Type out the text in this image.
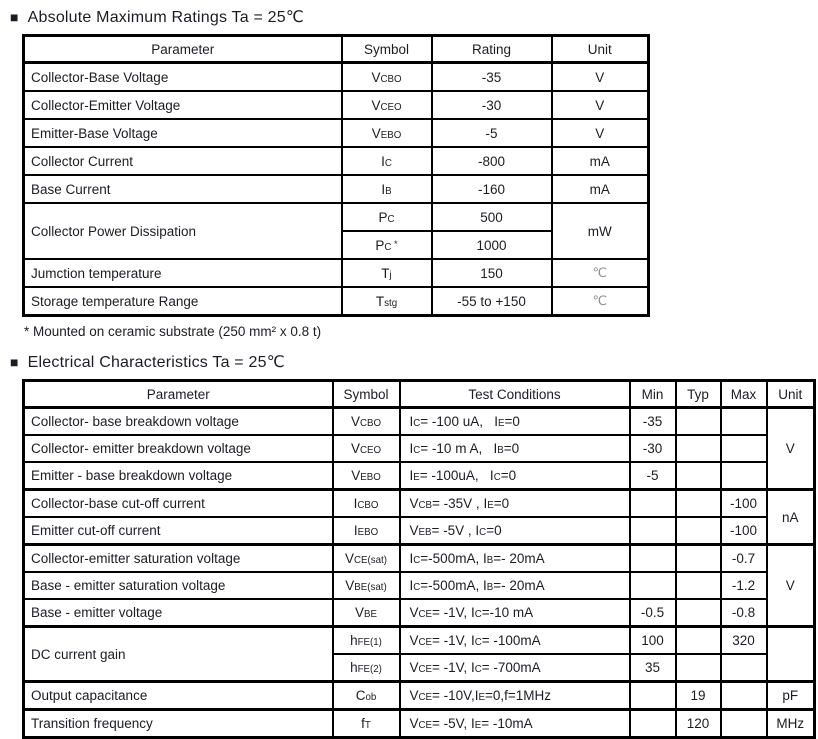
■ Absolute Maximum Ratings Ta = 25℃
Parameter	Symbol	Rating	Unit
Collector-Base Voltage	VCBO	-35	V
Collector-Emitter Voltage	VCEO	-30	V
Emitter-Base Voltage	VEBO	-5	V
Collector Current	IC	-800	mA
Base Current	IB	-160	mA
Collector Power Dissipation	PC	500	mW
	PC *	1000	
Jumction temperature	Tj	150	℃
Storage temperature Range	Tstg	-55 to +150	℃

* Mounted on ceramic substrate (250 mm² x 0.8 t)

■ Electrical Characteristics Ta = 25℃
Parameter	Symbol	Test Conditions	Min	Typ	Max	Unit
Collector- base breakdown voltage	VCBO	IC= -100 uA,   IE=0	-35			V
Collector- emitter breakdown voltage	VCEO	IC= -10 m A,   IB=0	-30			
Emitter - base breakdown voltage	VEBO	IE= -100uA,   IC=0	-5			
Collector-base cut-off current	ICBO	VCB= -35V , IE=0			-100	nA
Emitter cut-off current	IEBO	VEB= -5V , IC=0			-100	
Collector-emitter saturation voltage	VCE(sat)	IC=-500mA, IB=- 20mA			-0.7	V
Base - emitter saturation voltage	VBE(sat)	IC=-500mA, IB=- 20mA			-1.2	
Base - emitter voltage	VBE	VCE= -1V, IC=-10 mA	-0.5		-0.8	
DC current gain	hFE(1)	VCE= -1V, IC= -100mA	100		320	
	hFE(2)	VCE= -1V, IC= -700mA	35			
Output capacitance	Cob	VCE= -10V,IE=0,f=1MHz		19		pF
Transition frequency	fT	VCE= -5V, IE= -10mA		120		MHz
